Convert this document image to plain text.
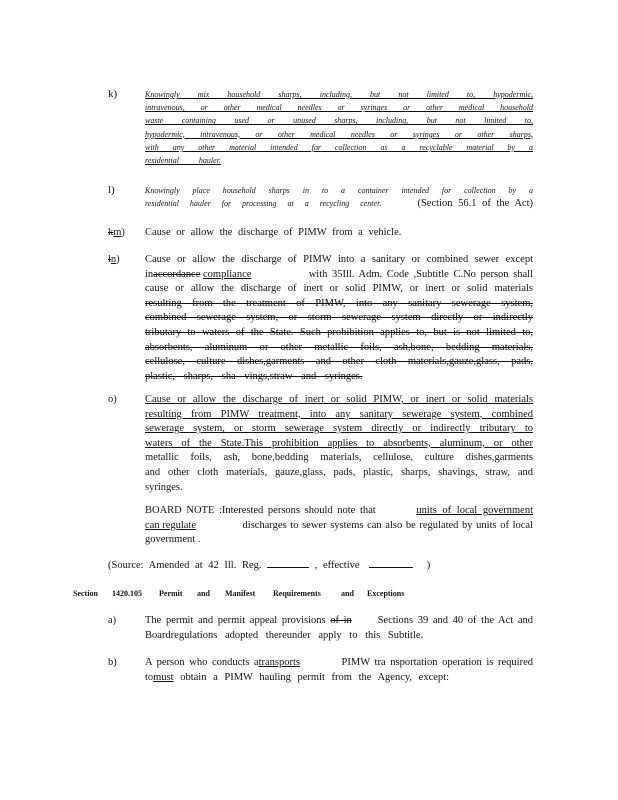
k)	Knowingly mix household sharps, including, but not limited to, hypodermic,
intravenous, or other medical needles or syringes or other medical household
waste containing used or unused sharps, including, but not limited to,
hypodermic, intravenous, or other medical needles or syringes or other sharps,
with any other material intended for collection as a recyclable material by a
residential hauler.
l)	Knowingly place household sharps in to a container intended for collection by a
residential hauler for processing at a recycling center.	(Section 56.1 of the Act)
km) Cause or allow the discharge of PIMW from a vehicle.
ln) Cause or allow the discharge of PIMW into a sanitary or combined sewer except
inaccordance compliance	with 35Ill. Adm. Code ,Subtitle C.No person shall
cause or allow the discharge of inert or solid PIMW, or inert or solid materials
resulting from the treatment of PIMW, into any sanitary sewerage system,
combined sewerage system, or storm sewerage system directly or indirectly
tributary to waters of the State. Such prohibition applies to, but is not limited to,
absorbents, aluminum or other metallic foils, ash,bone, bedding materials,
cellulose, culture dishes,garments and other cloth materials,gauze,glass, pads,
plastic, sharps, sha vings,straw and syringes.
o)	Cause or allow the discharge of inert or solid PIMW, or inert or solid materials
resulting from PIMW treatment, into any sanitary sewerage system, combined
sewerage system, or storm sewerage system directly or indirectly tributary to
waters of the State.This prohibition applies to absorbents, aluminum, or other
metallic foils, ash, bone,bedding materials, cellulose, culture dishes,garments
and other cloth materials, gauze,glass, pads, plastic, sharps, shavings, straw, and
syringes.
BOARD NOTE :Interested persons should note that	units of local government
can regulate	discharges to sewer systems can also be regulated by units of local
government .
(Source: Amended at 42 Ill. Reg.	, effective	)
Section 1420.105 Permit and Manifest Requirements	and Exceptions
a)	The permit and permit appeal provisions of in Sections 39 and 40 of the Act and
Boardregulations adopted thereunder apply to this Subtitle.
b)	A person who conducts atransports	PIMW tra nsportation operation is required
tomust obtain a PIMW hauling permit from the Agency, except:
